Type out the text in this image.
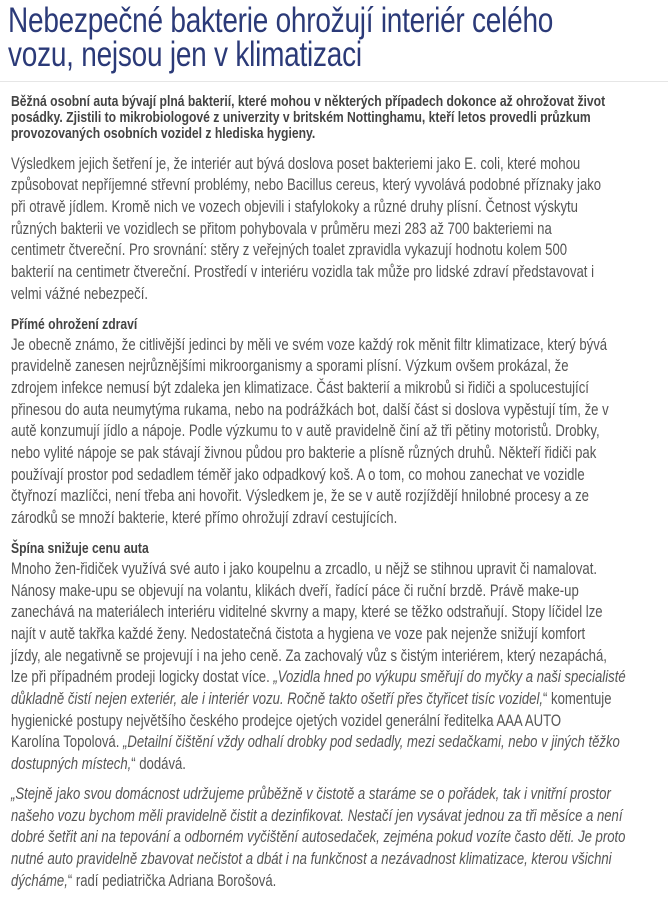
Nebezpečné bakterie ohrožují interiér celého
vozu, nejsou jen v klimatizaci

Běžná osobní auta bývají plná bakterií, které mohou v některých případech dokonce až ohrožovat život
posádky. Zjistili to mikrobiologové z univerzity v britském Nottinghamu, kteří letos provedli průzkum
provozovaných osobních vozidel z hlediska hygieny.

Výsledkem jejich šetření je, že interiér aut bývá doslova poset bakteriemi jako E. coli, které mohou
způsobovat nepříjemné střevní problémy, nebo Bacillus cereus, který vyvolává podobné příznaky jako
při otravě jídlem. Kromě nich ve vozech objevili i stafylokoky a různé druhy plísní. Četnost výskytu
různých bakterii ve vozidlech se přitom pohybovala v průměru mezi 283 až 700 bakteriemi na
centimetr čtvereční. Pro srovnání: stěry z veřejných toalet zpravidla vykazují hodnotu kolem 500
bakterií na centimetr čtvereční. Prostředí v interiéru vozidla tak může pro lidské zdraví představovat i
velmi vážné nebezpečí.

Přímé ohrožení zdraví
Je obecně známo, že citlivější jedinci by měli ve svém voze každý rok měnit filtr klimatizace, který bývá
pravidelně zanesen nejrůznějšími mikroorganismy a sporami plísní. Výzkum ovšem prokázal, že
zdrojem infekce nemusí být zdaleka jen klimatizace. Část bakterií a mikrobů si řidiči a spolucestující
přinesou do auta neumytýma rukama, nebo na podrážkách bot, další část si doslova vypěstují tím, že v
autě konzumují jídlo a nápoje. Podle výzkumu to v autě pravidelně činí až tři pětiny motoristů. Drobky,
nebo vylité nápoje se pak stávají živnou půdou pro bakterie a plísně různých druhů. Někteří řidiči pak
používají prostor pod sedadlem téměř jako odpadkový koš. A o tom, co mohou zanechat ve vozidle
čtyřnozí mazlíčci, není třeba ani hovořit. Výsledkem je, že se v autě rozjíždějí hnilobné procesy a ze
zárodků se množí bakterie, které přímo ohrožují zdraví cestujících.

Špína snižuje cenu auta
Mnoho žen-řidiček využívá své auto i jako koupelnu a zrcadlo, u nějž se stihnou upravit či namalovat.
Nánosy make-upu se objevují na volantu, klikách dveří, řadící páce či ruční brzdě. Právě make-up
zanechává na materiálech interiéru viditelné skvrny a mapy, které se těžko odstraňují. Stopy líčidel lze
najít v autě takřka každé ženy. Nedostatečná čistota a hygiena ve voze pak nejenže snižují komfort
jízdy, ale negativně se projevují i na jeho ceně. Za zachovalý vůz s čistým interiérem, který nezapáchá,
lze při případném prodeji logicky dostat více. „Vozidla hned po výkupu směřují do myčky a naši specialisté
důkladně čistí nejen exteriér, ale i interiér vozu. Ročně takto ošetří přes čtyřicet tisíc vozidel,“ komentuje
hygienické postupy největšího českého prodejce ojetých vozidel generální ředitelka AAA AUTO
Karolína Topolová. „Detailní čištění vždy odhalí drobky pod sedadly, mezi sedačkami, nebo v jiných těžko
dostupných místech,“ dodává.

„Stejně jako svou domácnost udržujeme průběžně v čistotě a staráme se o pořádek, tak i vnitřní prostor
našeho vozu bychom měli pravidelně čistit a dezinfikovat. Nestačí jen vysávat jednou za tři měsíce a není
dobré šetřit ani na tepování a odborném vyčištění autosedaček, zejména pokud vozíte často děti. Je proto
nutné auto pravidelně zbavovat nečistot a dbát i na funkčnost a nezávadnost klimatizace, kterou všichni
dýcháme,“ radí pediatrička Adriana Borošová.
